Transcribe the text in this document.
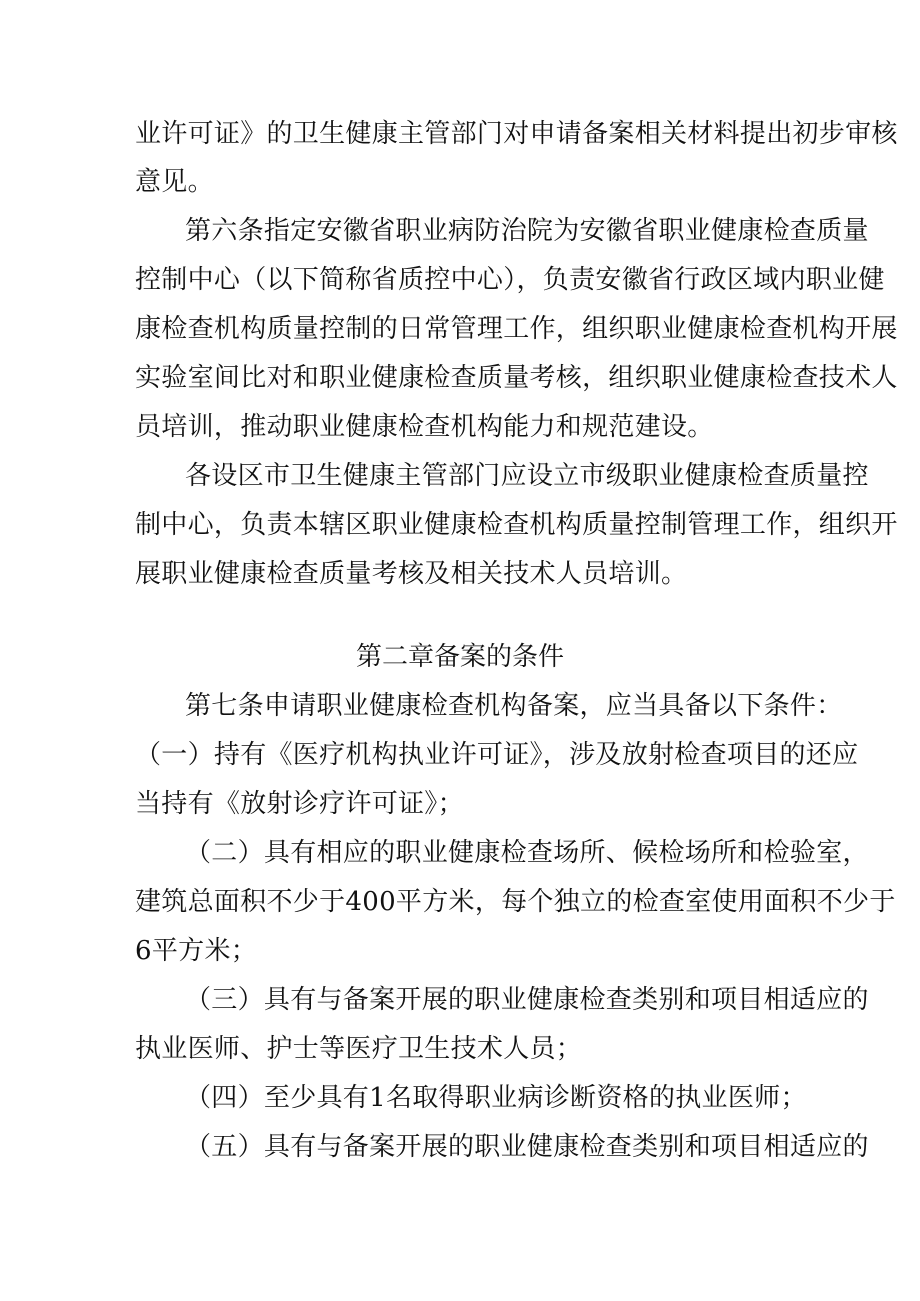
业许可证》的卫生健康主管部门对申请备案相关材料提出初步审核
意见。
第六条指定安徽省职业病防治院为安徽省职业健康检查质量
控制中心（以下简称省质控中心），负责安徽省行政区域内职业健
康检查机构质量控制的日常管理工作，组织职业健康检查机构开展
实验室间比对和职业健康检查质量考核，组织职业健康检查技术人
员培训，推动职业健康检查机构能力和规范建设。
各设区市卫生健康主管部门应设立市级职业健康检查质量控
制中心，负责本辖区职业健康检查机构质量控制管理工作，组织开
展职业健康检查质量考核及相关技术人员培训。
第二章备案的条件
第七条申请职业健康检查机构备案，应当具备以下条件：
（一）持有《医疗机构执业许可证》，涉及放射检查项目的还应
当持有《放射诊疗许可证》；
（二）具有相应的职业健康检查场所、候检场所和检验室，
建筑总面积不少于400平方米，每个独立的检查室使用面积不少于
6平方米；
（三）具有与备案开展的职业健康检查类别和项目相适应的
执业医师、护士等医疗卫生技术人员；
（四）至少具有1名取得职业病诊断资格的执业医师；
（五）具有与备案开展的职业健康检查类别和项目相适应的
